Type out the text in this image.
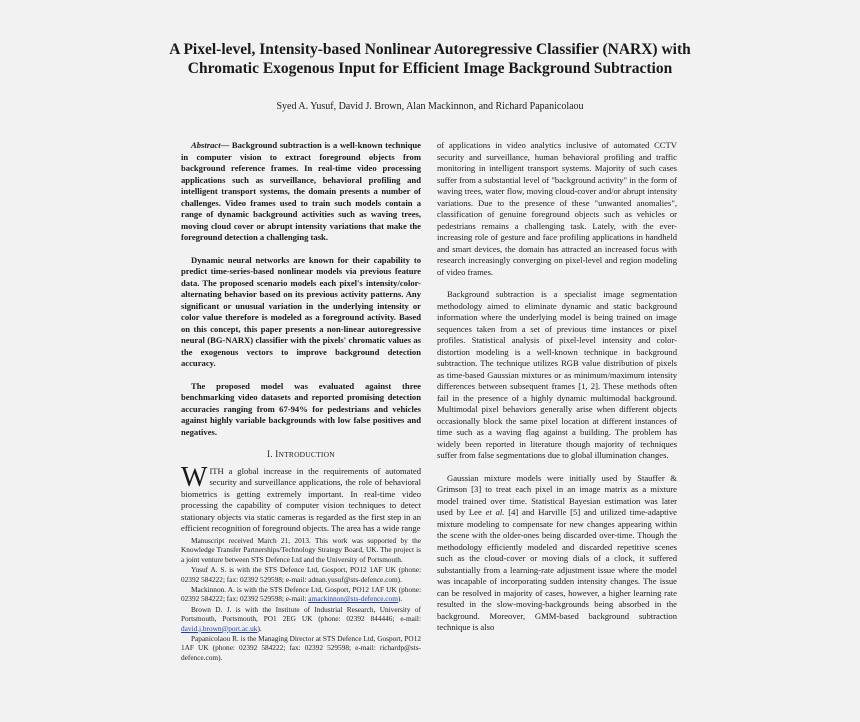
A Pixel-level, Intensity-based Nonlinear Autoregressive Classifier (NARX) with Chromatic Exogenous Input for Efficient Image Background Subtraction
Syed A. Yusuf, David J. Brown, Alan Mackinnon, and Richard Papanicolaou

Abstract— Background subtraction is a well-known technique in computer vision to extract foreground objects from background reference frames. In real-time video processing applications such as surveillance, behavioral profiling and intelligent transport systems, the domain presents a number of challenges. Video frames used to train such models contain a range of dynamic background activities such as waving trees, moving cloud cover or abrupt intensity variations that make the foreground detection a challenging task.

Dynamic neural networks are known for their capability to predict time-series-based nonlinear models via previous feature data. The proposed scenario models each pixel's intensity/color-alternating behavior based on its previous activity patterns. Any significant or unusual variation in the underlying intensity or color value therefore is modeled as a foreground activity. Based on this concept, this paper presents a non-linear autoregressive neural (BG-NARX) classifier with the pixels' chromatic values as the exogenous vectors to improve background detection accuracy.

The proposed model was evaluated against three benchmarking video datasets and reported promising detection accuracies ranging from 67-94% for pedestrians and vehicles against highly variable backgrounds with low false positives and negatives.

I. INTRODUCTION

WITH a global increase in the requirements of automated security and surveillance applications, the role of behavioral biometrics is getting extremely important. In real-time video processing the capability of computer vision techniques to detect stationary objects via static cameras is regarded as the first step in an efficient recognition of foreground objects. The area has a wide range

Manuscript received March 21, 2013. This work was supported by the Knowledge Transfer Partnerships/Technology Strategy Board, UK. The project is a joint venture between STS Defence Ltd and the University of Portsmouth.

Yusuf A. S. is with the STS Defence Ltd, Gosport, PO12 1AF UK (phone: 02392 584222; fax: 02392 529598; e-mail: adnan.yusuf@sts-defence.com).

Mackinnon. A. is with the STS Defence Ltd, Gosport, PO12 1AF UK (phone: 02392 584222; fax: 02392 529598; e-mail: amackinnon@sts-defence.com).

Brown D. J. is with the Institute of Industrial Research, University of Portsmouth, Portsmouth, PO1 2EG UK (phone: 02392 844446; e-mail: david.j.brown@port.ac.uk).

Papanicolaou R. is the Managing Director at STS Defence Ltd, Gosport, PO12 1AF UK (phone: 02392 584222; fax: 02392 529598; e-mail: richardp@sts-defence.com).

of applications in video analytics inclusive of automated CCTV security and surveillance, human behavioral profiling and traffic monitoring in intelligent transport systems. Majority of such cases suffer from a substantial level of "background activity" in the form of waving trees, water flow, moving cloud-cover and/or abrupt intensity variations. Due to the presence of these "unwanted anomalies", classification of genuine foreground objects such as vehicles or pedestrians remains a challenging task. Lately, with the ever-increasing role of gesture and face profiling applications in handheld and smart devices, the domain has attracted an increased focus with research increasingly converging on pixel-level and region modeling of video frames.

Background subtraction is a specialist image segmentation methodology aimed to eliminate dynamic and static background information where the underlying model is being trained on image sequences taken from a set of previous time instances or pixel profiles. Statistical analysis of pixel-level intensity and color-distortion modeling is a well-known technique in background subtraction. The technique utilizes RGB value distribution of pixels as time-based Gaussian mixtures or as minimum/maximum intensity differences between subsequent frames [1, 2]. These methods often fail in the presence of a highly dynamic multimodal background. Multimodal pixel behaviors generally arise when different objects occasionally block the same pixel location at different instances of time such as a waving flag against a building. The problem has widely been reported in literature though majority of techniques suffer from false segmentations due to global illumination changes.

Gaussian mixture models were initially used by Stauffer & Grimson [3] to treat each pixel in an image matrix as a mixture model trained over time. Statistical Bayesian estimation was later used by Lee et al. [4] and Harville [5] and utilized time-adaptive mixture modeling to compensate for new changes appearing within the scene with the older-ones being discarded over-time. Though the methodology efficiently modeled and discarded repetitive scenes such as the cloud-cover or moving dials of a clock, it suffered substantially from a learning-rate adjustment issue where the model was incapable of incorporating sudden intensity changes. The issue can be resolved in majority of cases, however, a higher learning rate resulted in the slow-moving-backgrounds being absorbed in the background. Moreover, GMM-based background subtraction technique is also
